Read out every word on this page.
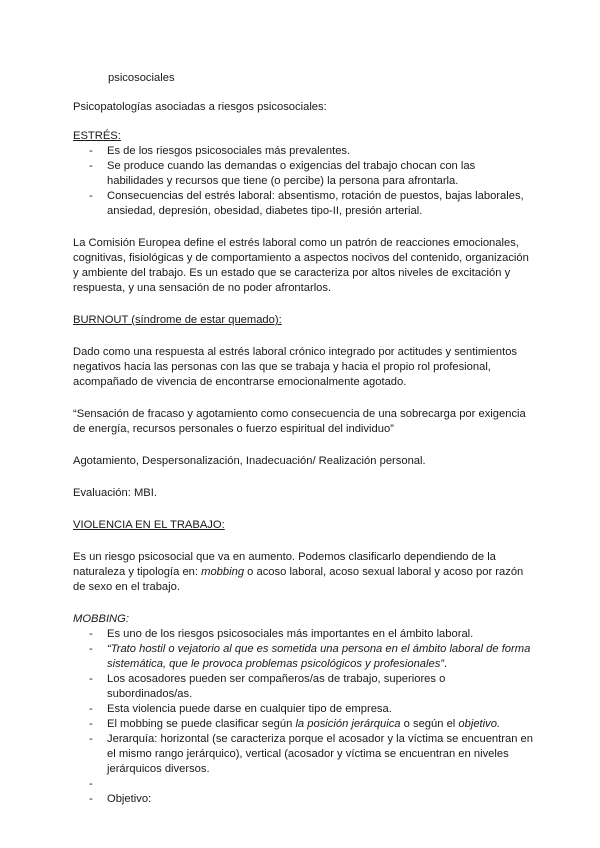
psicosociales

Psicopatologías asociadas a riesgos psicosociales:

ESTRÉS:

- Es de los riesgos psicosociales más prevalentes.
- Se produce cuando las demandas o exigencias del trabajo chocan con las habilidades y recursos que tiene (o percibe) la persona para afrontarla.
- Consecuencias del estrés laboral: absentismo, rotación de puestos, bajas laborales, ansiedad, depresión, obesidad, diabetes tipo-II, presión arterial.

La Comisión Europea define el estrés laboral como un patrón de reacciones emocionales, cognitivas, fisiológicas y de comportamiento a aspectos nocivos del contenido, organización y ambiente del trabajo. Es un estado que se caracteriza por altos niveles de excitación y respuesta, y una sensación de no poder afrontarlos.

BURNOUT (síndrome de estar quemado):

Dado como una respuesta al estrés laboral crónico integrado por actitudes y sentimientos negativos hacia las personas con las que se trabaja y hacia el propio rol profesional, acompañado de vivencia de encontrarse emocionalmente agotado.

“Sensación de fracaso y agotamiento como consecuencia de una sobrecarga por exigencia de energía, recursos personales o fuerzo espiritual del individuo”

Agotamiento, Despersonalización, Inadecuación/ Realización personal.

Evaluación: MBI.

VIOLENCIA EN EL TRABAJO:

Es un riesgo psicosocial que va en aumento. Podemos clasificarlo dependiendo de la naturaleza y tipología en: mobbing o acoso laboral, acoso sexual laboral y acoso por razón de sexo en el trabajo.

MOBBING:

- Es uno de los riesgos psicosociales más importantes en el ámbito laboral.
- “Trato hostil o vejatorio al que es sometida una persona en el ámbito laboral de forma sistemática, que le provoca problemas psicológicos y profesionales”.
- Los acosadores pueden ser compañeros/as de trabajo, superiores o subordinados/as.
- Esta violencia puede darse en cualquier tipo de empresa.
- El mobbing se puede clasificar según la posición jerárquica o según el objetivo.
- Jerarquía: horizontal (se caracteriza porque el acosador y la víctima se encuentran en el mismo rango jerárquico), vertical (acosador y víctima se encuentran en niveles jerárquicos diversos.
-
- Objetivo:
